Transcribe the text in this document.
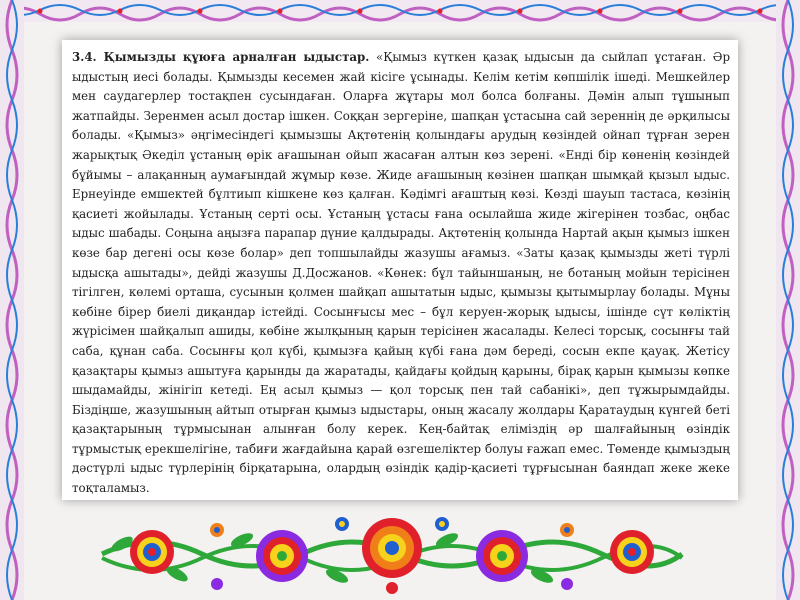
3.4. Қымызды құюға арналған ыдыстар. «Қымыз күткен қазақ ыдысын да сыйлап ұстаған. Әр ыдыстың иесі болады. Қымызды кесемен жай кісіге ұсынады. Келім кетім көпшілік ішеді. Мешкейлер мен саудагерлер тостақпен сусындаған. Оларға жұтары мол болса болғаны. Дәмін алып тұшынып жатпайды. Зеренмен асыл достар ішкен. Соққан зергеріне, шапқан ұстасына сай зереннің де әрқилысы болады. «Қымыз» әңгімесіндегі қымызшы Ақтөтенің қолындағы арудың көзіндей ойнап тұрған зерен жарықтық Әкеділ ұстаның өрік ағашынан ойып жасаған алтын көз зерені. «Енді бір көненің көзіндей бұйымы – алақанның аумағындай жұмыр көзе. Жиде ағашының көзінен шапқан шымқай қызыл ыдыс. Ернеуінде емшектей бұлтиып кішкене көз қалған. Кәдімгі ағаштың көзі. Көзді шауып тастаса, көзінің қасиеті жойылады. Ұстаның серті осы. Ұстаның ұстасы ғана осылайша жиде жігерінен тозбас, оңбас ыдыс шабады. Соңына аңызға парапар дүние қалдырады. Ақтөтенің қолында Нартай ақын қымыз ішкен көзе бар дегені осы көзе болар» деп топшылайды жазушы ағамыз. «Заты қазақ қымызды жеті түрлі ыдысқа ашытады», дейді жазушы Д.Досжанов. «Көнек: бұл тайыншаның, не ботаның мойын терісінен тігілген, көлемі орташа, сусынын қолмен шайқап ашытатын ыдыс, қымызы қытымырлау болады. Мұны көбіне бірер биелі диқандар істейді. Сосынғысы мес – бұл керуен-жорық ыдысы, ішінде сүт көліктің жүрісімен шайқалып ашиды, көбіне жылқының қарын терісінен жасалады. Келесі торсық, сосынғы тай саба, құнан саба. Сосынғы қол күбі, қымызға қайың күбі ғана дәм береді, сосын екпе қауақ. Жетісу қазақтары қымыз ашытуға қарынды да жаратады, қайдағы қойдың қарыны, бірақ қарын қымызы көпке шыдамайды, жінігіп кетеді. Ең асыл қымыз — қол торсық пен тай сабанікі», деп тұжырымдайды. Біздіңше, жазушының айтып отырған қымыз ыдыстары, оның жасалу жолдары Қаратаудың күнгей беті қазақтарының тұрмысынан алынған болу керек. Кең-байтақ еліміздің әр шалғайының өзіндік тұрмыстық ерекшелігіне, табиғи жағдайына қарай өзгешеліктер болуы ғажап емес. Төменде қымыздың дәстүрлі ыдыс түрлерінің бірқатарына, олардың өзіндік қадір-қасиеті тұрғысынан баяндап жеке жеке тоқталамыз.
